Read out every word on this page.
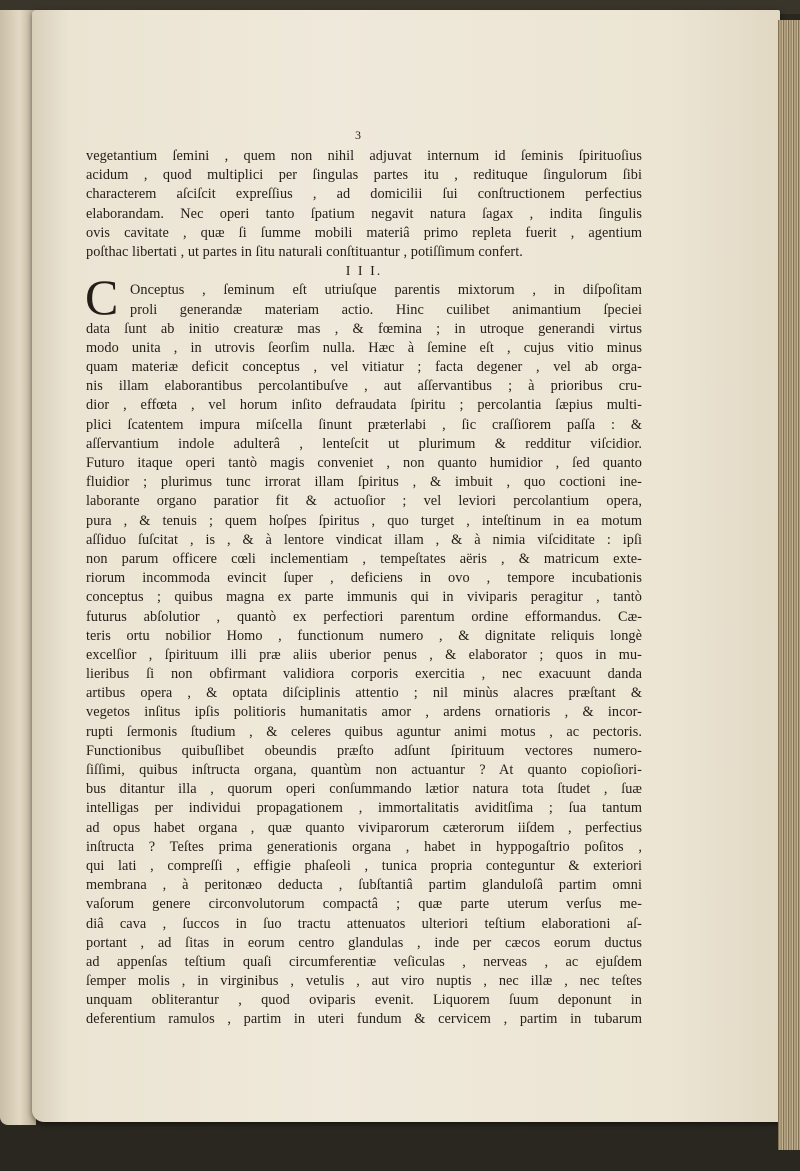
3
vegetantium ſemini , quem non nihil adjuvat internum id ſeminis ſpirituoſius
acidum , quod multiplici per ſingulas partes itu , redituque ſingulorum ſibi
characterem aſciſcit expreſſius , ad domicilii ſui conſtructionem perfectius
elaborandam. Nec operi tanto ſpatium negavit natura ſagax , indita ſingulis
ovis cavitate , quæ ſi ſumme mobili materiâ primo repleta fuerit , agentium
poſthac libertati , ut partes in ſitu naturali conſtituantur , potiſſimum confert.
I I I.
Onceptus , ſeminum eſt utriuſque parentis mixtorum , in diſpoſitam
proli generandæ materiam actio. Hinc cuilibet animantium ſpeciei
data ſunt ab initio creaturæ mas , & fœmina ; in utroque generandi virtus
modo unita , in utrovis ſeorſim nulla. Hæc à ſemine eſt , cujus vitio minus
quam materiæ deficit conceptus , vel vitiatur ; facta degener , vel ab orga-
nis illam elaborantibus percolantibuſve , aut aſſervantibus ; à prioribus cru-
dior , effœta , vel horum inſito defraudata ſpiritu ; percolantia ſæpius multi-
plici ſcatentem impura miſcella ſinunt præterlabi , ſic craſſiorem paſſa : &
aſſervantium indole adulterâ , lenteſcit ut plurimum & redditur viſcidior.
Futuro itaque operi tantò magis conveniet , non quanto humidior , ſed quanto
fluidior ; plurimus tunc irrorat illam ſpiritus , & imbuit , quo coctioni ine-
laborante organo paratior fit & actuoſior ; vel leviori percolantium opera,
pura , & tenuis ; quem hoſpes ſpiritus , quo turget , inteſtinum in ea motum
aſſiduo ſuſcitat , is , & à lentore vindicat illam , & à nimia viſciditate : ipſi
non parum officere cœli inclementiam , tempeſtates aëris , & matricum exte-
riorum incommoda evincit ſuper , deficiens in ovo , tempore incubationis
conceptus ; quibus magna ex parte immunis qui in viviparis peragitur , tantò
futurus abſolutior , quantò ex perfectiori parentum ordine efformandus. Cæ-
teris ortu nobilior Homo , functionum numero , & dignitate reliquis longè
excelſior , ſpirituum illi præ aliis uberior penus , & elaborator ; quos in mu-
lieribus ſi non obfirmant validiora corporis exercitia , nec exacuunt danda
artibus opera , & optata diſciplinis attentio ; nil minùs alacres præſtant &
vegetos inſitus ipſis politioris humanitatis amor , ardens ornatioris , & incor-
rupti ſermonis ſtudium , & celeres quibus aguntur animi motus , ac pectoris.
Functionibus quibuſlibet obeundis præſto adſunt ſpirituum vectores numero-
ſiſſimi, quibus inſtructa organa, quantùm non actuantur ? At quanto copioſiori-
bus ditantur illa , quorum operi conſummando lætior natura tota ſtudet , ſuæ
intelligas per individui propagationem , immortalitatis aviditſima ; ſua tantum
ad opus habet organa , quæ quanto viviparorum cæterorum iiſdem , perfectius
inſtructa ? Teſtes prima generationis organa , habet in hyppogaſtrio poſitos ,
qui lati , compreſſi , effigie phaſeoli , tunica propria conteguntur & exteriori
membrana , à peritonæo deducta , ſubſtantiâ partim glanduloſâ partim omni
vaſorum genere circonvolutorum compactâ ; quæ parte uterum verſus me-
diâ cava , ſuccos in ſuo tractu attenuatos ulteriori teſtium elaborationi aſ-
portant , ad ſitas in eorum centro glandulas , inde per cæcos eorum ductus
ad appenſas teſtium quaſi circumferentiæ veſiculas , nerveas , ac ejuſdem
ſemper molis , in virginibus , vetulis , aut viro nuptis , nec illæ , nec teſtes
unquam obliterantur , quod oviparis evenit. Liquorem ſuum deponunt in
deferentium ramulos , partim in uteri fundum & cervicem , partim in tubarum
C
